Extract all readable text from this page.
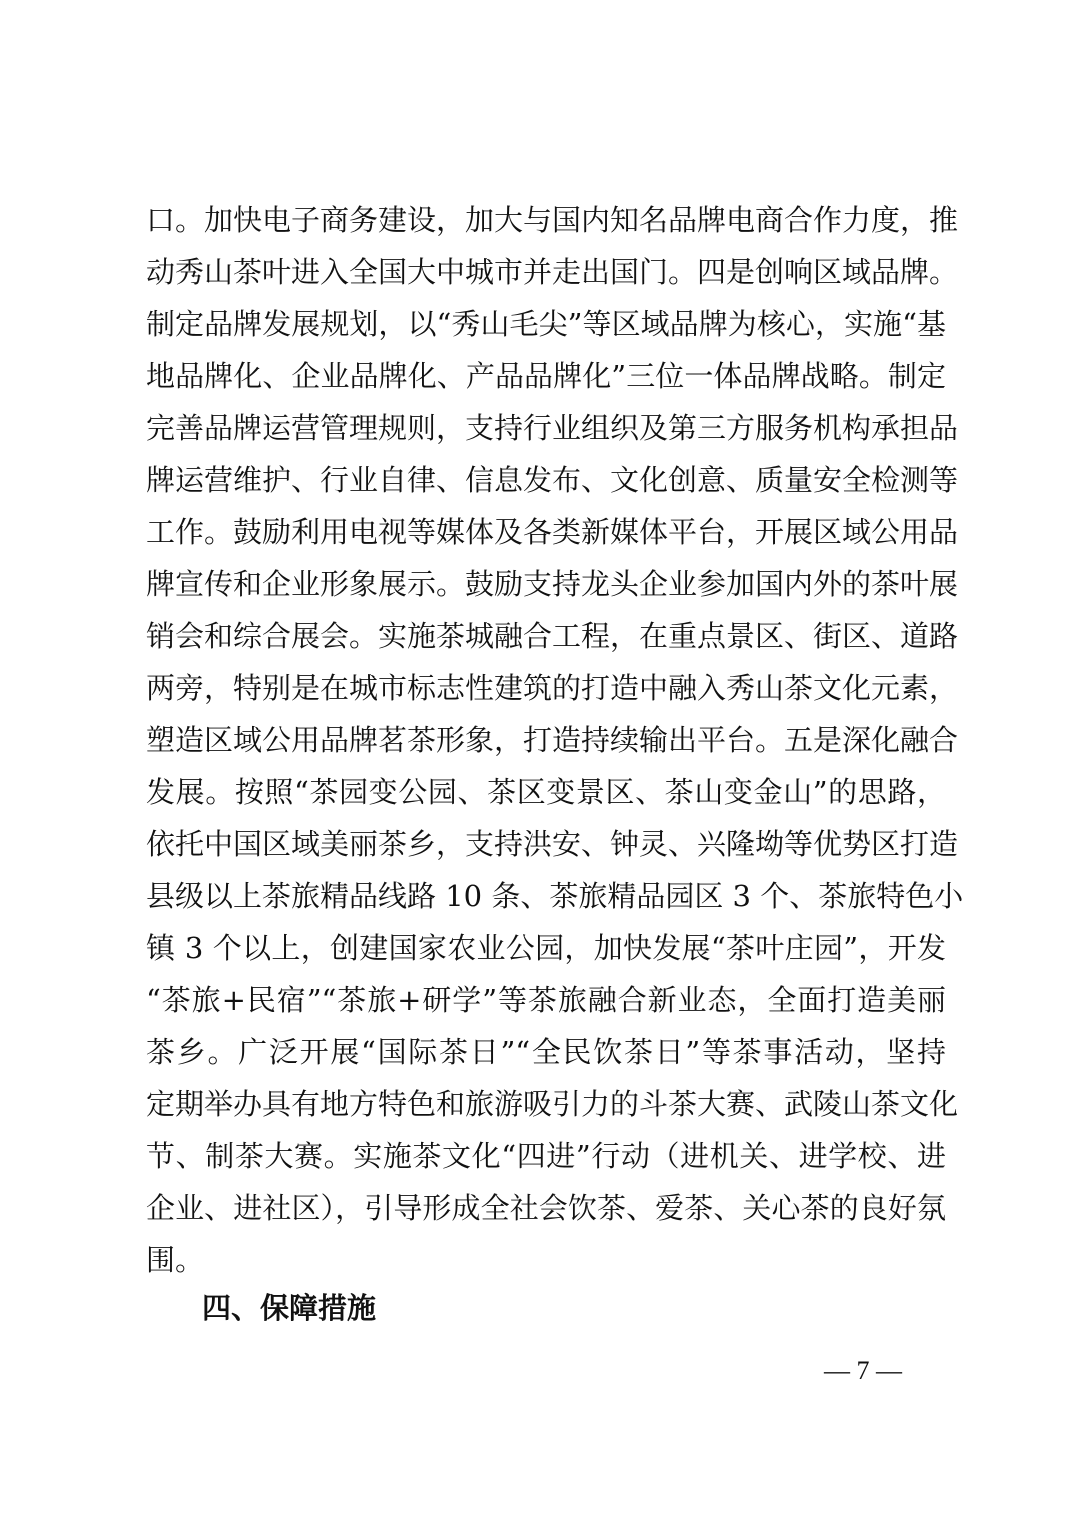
口。加快电子商务建设，加大与国内知名品牌电商合作力度，推
动秀山茶叶进入全国大中城市并走出国门。四是创响区域品牌。
制定品牌发展规划，以“秀山毛尖”等区域品牌为核心，实施“基
地品牌化、企业品牌化、产品品牌化”三位一体品牌战略。制定
完善品牌运营管理规则，支持行业组织及第三方服务机构承担品
牌运营维护、行业自律、信息发布、文化创意、质量安全检测等
工作。鼓励利用电视等媒体及各类新媒体平台，开展区域公用品
牌宣传和企业形象展示。鼓励支持龙头企业参加国内外的茶叶展
销会和综合展会。实施茶城融合工程，在重点景区、街区、道路
两旁，特别是在城市标志性建筑的打造中融入秀山茶文化元素，
塑造区域公用品牌茗茶形象，打造持续输出平台。五是深化融合
发展。按照“茶园变公园、茶区变景区、茶山变金山”的思路，
依托中国区域美丽茶乡，支持洪安、钟灵、兴隆坳等优势区打造
县级以上茶旅精品线路 10 条、茶旅精品园区 3 个、茶旅特色小
镇 3 个以上，创建国家农业公园，加快发展“茶叶庄园”，开发
“茶旅+民宿”“茶旅+研学”等茶旅融合新业态，全面打造美丽
茶乡。广泛开展“国际茶日”“全民饮茶日”等茶事活动，坚持
定期举办具有地方特色和旅游吸引力的斗茶大赛、武陵山茶文化
节、制茶大赛。实施茶文化“四进”行动（进机关、进学校、进
企业、进社区），引导形成全社会饮茶、爱茶、关心茶的良好氛
围。
四、保障措施
— 7 —
